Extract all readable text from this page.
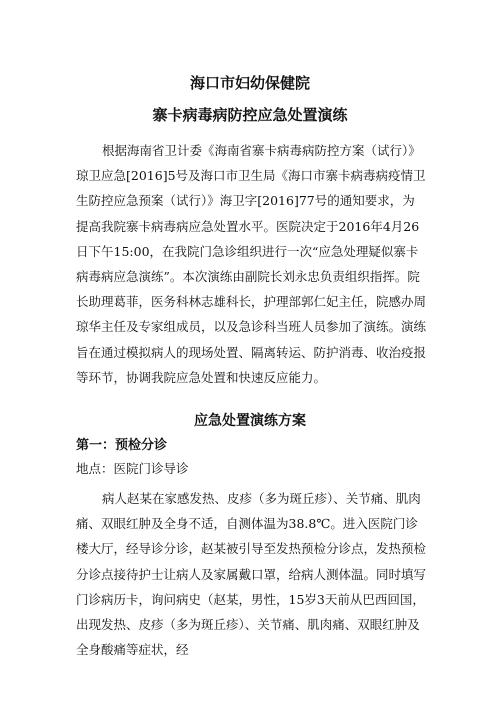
海口市妇幼保健院
寨卡病毒病防控应急处置演练
根据海南省卫计委《海南省寨卡病毒病防控方案（试行）》琼卫应急[2016]5号及海口市卫生局《海口市寨卡病毒病疫情卫生防控应急预案（试行）》海卫字[2016]77号的通知要求，为提高我院寨卡病毒病应急处置水平。医院决定于2016年4月26日下午15:00，在我院门急诊组织进行一次“应急处理疑似寨卡病毒病应急演练”。本次演练由副院长刘永忠负责组织指挥。院长助理葛菲，医务科林志雄科长，护理部郭仁妃主任，院感办周琼华主任及专家组成员，以及急诊科当班人员参加了演练。演练旨在通过模拟病人的现场处置、隔离转运、防护消毒、收治疫报等环节，协调我院应急处置和快速反应能力。
应急处置演练方案
第一：预检分诊
地点：医院门诊导诊
病人赵某在家感发热、皮疹（多为斑丘疹）、关节痛、肌肉痛、双眼红肿及全身不适，自测体温为38.8℃。进入医院门诊楼大厅，经导诊分诊，赵某被引导至发热预检分诊点，发热预检分诊点接待护士让病人及家属戴口罩，给病人测体温。同时填写门诊病历卡，询问病史（赵某，男性，15岁3天前从巴西回国，出现发热、皮疹（多为斑丘疹）、关节痛、肌肉痛、双眼红肿及全身酸痛等症状，经
